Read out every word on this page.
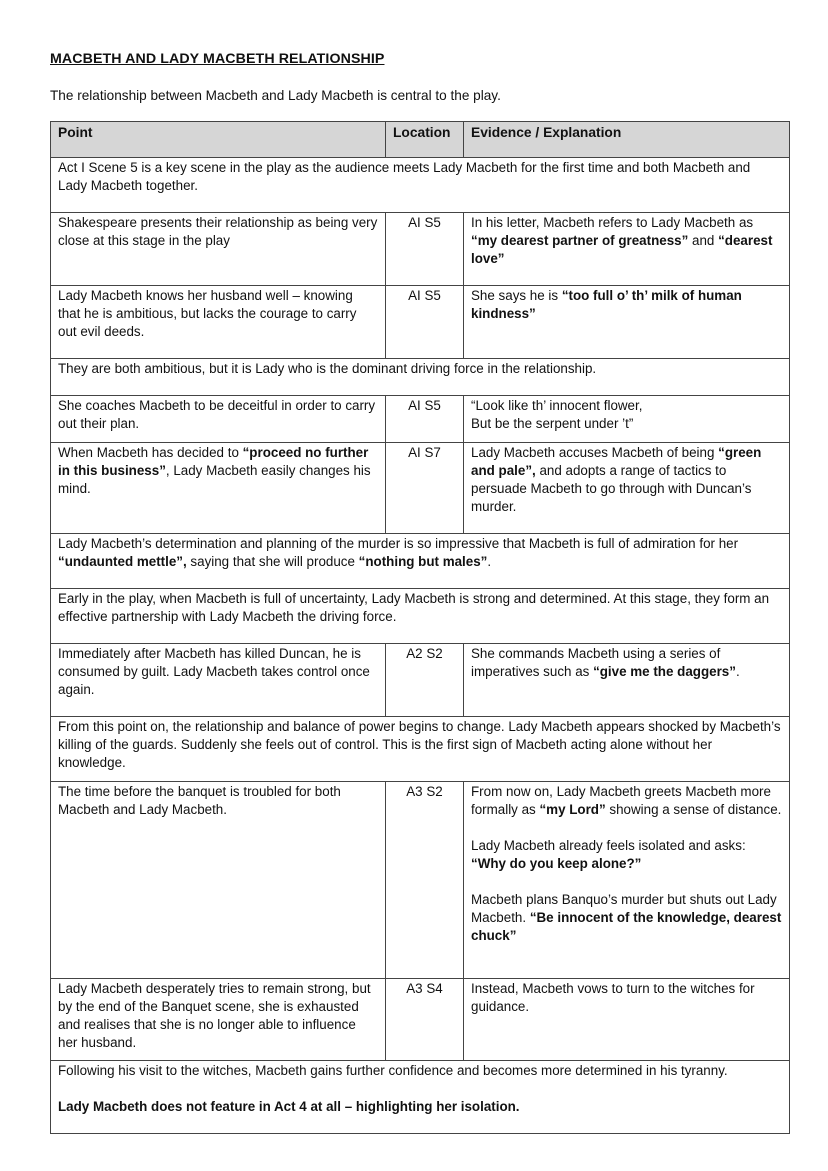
MACBETH AND LADY MACBETH RELATIONSHIP

The relationship between Macbeth and Lady Macbeth is central to the play.

Point	Location	Evidence / Explanation
Act I Scene 5 is a key scene in the play as the audience meets Lady Macbeth for the first time and both Macbeth and Lady Macbeth together.		
Shakespeare presents their relationship as being very close at this stage in the play	AI S5	In his letter, Macbeth refers to Lady Macbeth as “my dearest partner of greatness” and “dearest love”
Lady Macbeth knows her husband well – knowing that he is ambitious, but lacks the courage to carry out evil deeds.	AI S5	She says he is “too full o’ th’ milk of human kindness”
They are both ambitious, but it is Lady who is the dominant driving force in the relationship.		
She coaches Macbeth to be deceitful in order to carry out their plan.	AI S5	“Look like th’ innocent flower,
But be the serpent under ’t”
When Macbeth has decided to “proceed no further in this business”, Lady Macbeth easily changes his mind.	AI S7	Lady Macbeth accuses Macbeth of being “green and pale”, and adopts a range of tactics to persuade Macbeth to go through with Duncan’s murder.
Lady Macbeth’s determination and planning of the murder is so impressive that Macbeth is full of admiration for her “undaunted mettle”, saying that she will produce “nothing but males”.		
Early in the play, when Macbeth is full of uncertainty, Lady Macbeth is strong and determined. At this stage, they form an effective partnership with Lady Macbeth the driving force.		
Immediately after Macbeth has killed Duncan, he is consumed by guilt. Lady Macbeth takes control once again.	A2 S2	She commands Macbeth using a series of imperatives such as “give me the daggers”.
From this point on, the relationship and balance of power begins to change. Lady Macbeth appears shocked by Macbeth’s killing of the guards. Suddenly she feels out of control. This is the first sign of Macbeth acting alone without her knowledge.		
The time before the banquet is troubled for both Macbeth and Lady Macbeth.	A3 S2	From now on, Lady Macbeth greets Macbeth more formally as “my Lord” showing a sense of distance.

Lady Macbeth already feels isolated and asks: “Why do you keep alone?”

Macbeth plans Banquo’s murder but shuts out Lady Macbeth. “Be innocent of the knowledge, dearest chuck”

Lady Macbeth desperately tries to remain strong, but by the end of the Banquet scene, she is exhausted and realises that she is no longer able to influence her husband.	A3 S4	Instead, Macbeth vows to turn to the witches for guidance.

Following his visit to the witches, Macbeth gains further confidence and becomes more determined in his tyranny.
Lady Macbeth does not feature in Act 4 at all – highlighting her isolation.		
